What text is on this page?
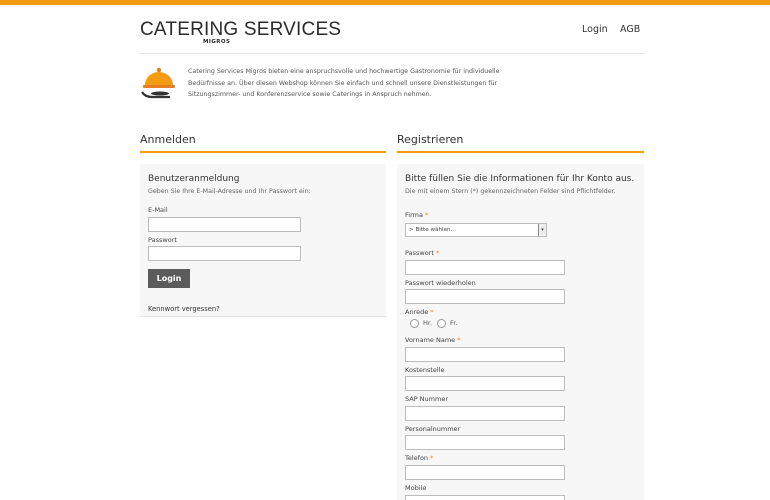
CATERING SERVICES
MIGROS
Login AGB
Catering Services Migros bieten eine anspruchsvolle und hochwertige Gastronomie für individuelle
Bedürfnisse an. Über diesen Webshop können Sie einfach und schnell unsere Dienstleistungen für
Sitzungszimmer- und Konferenzservice sowie Caterings in Anspruch nehmen.
Anmelden	Registrieren
Benutzeranmeldung
Geben Sie Ihre E-Mail-Adresse und Ihr Passwort ein:
E-Mail
Passwort
Login
Kennwort vergessen?
Bitte füllen Sie die Informationen für Ihr Konto aus.
Die mit einem Stern (*) gekennzeichneten Felder sind Pflichtfelder.
Firma *
> Bitte wählen...	▾
Passwort *
Passwort wiederholen
Anrede *
Hr.	Fr.
Vorname Name *
Kostenstelle
SAP Nummer
Personalnummer
Telefon *
Mobile
